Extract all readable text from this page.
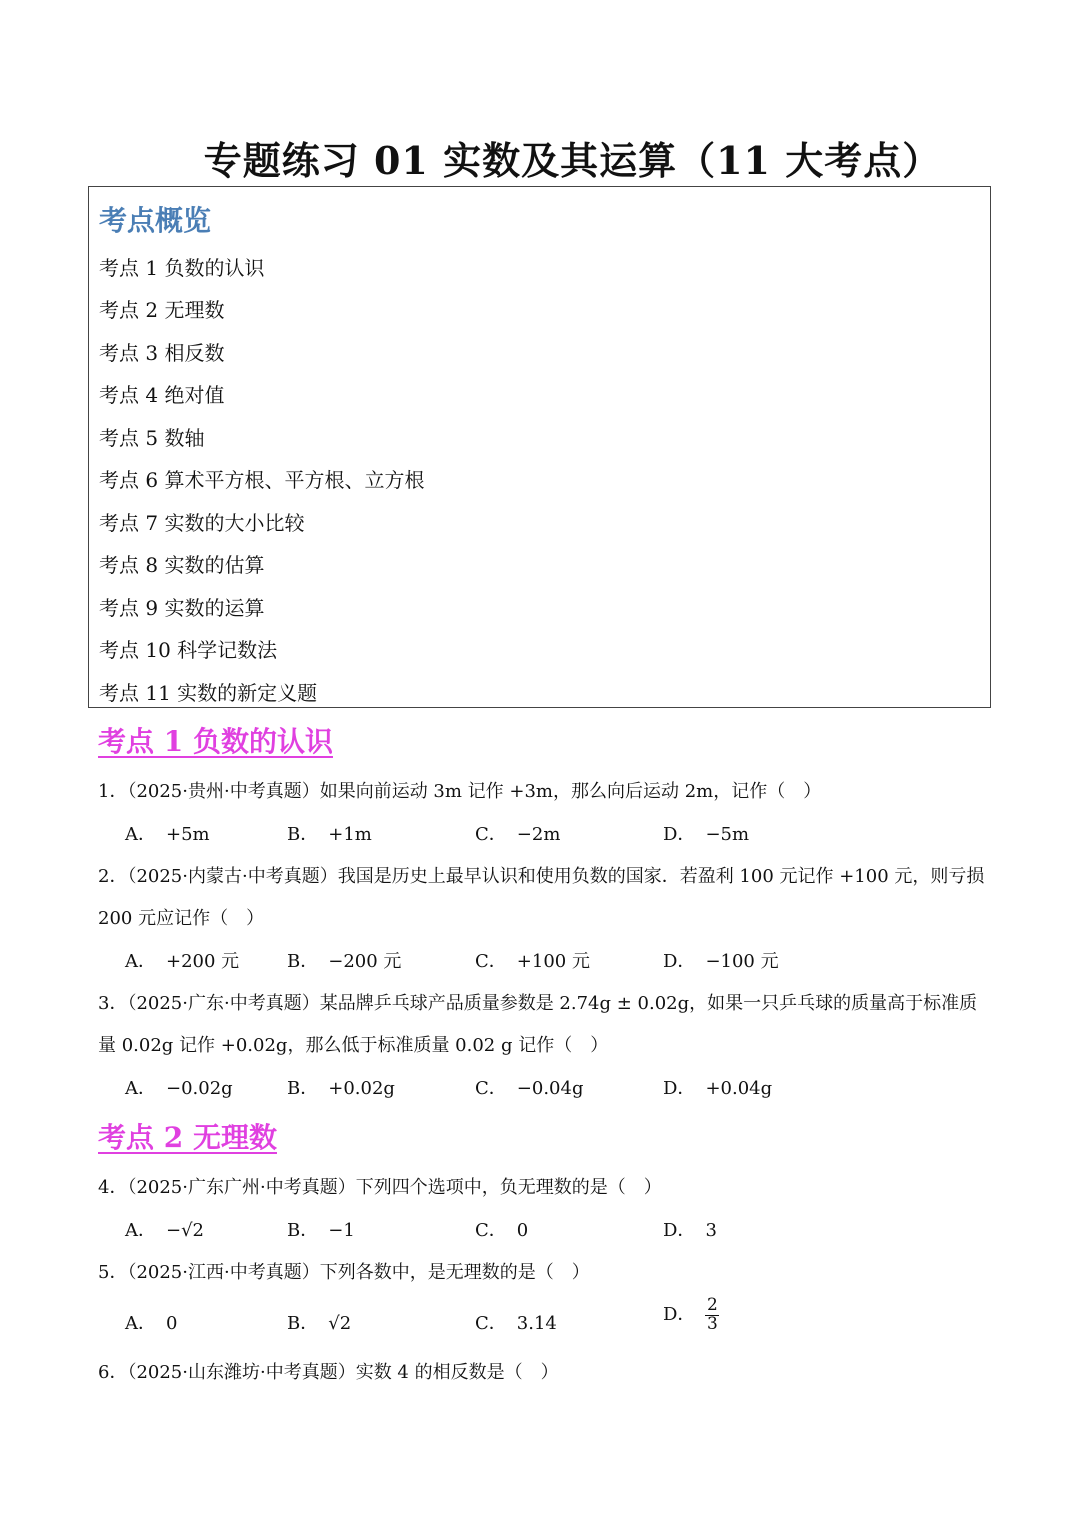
专题练习 01 实数及其运算（11 大考点）
考点概览
考点 1 负数的认识
考点 2 无理数
考点 3 相反数
考点 4 绝对值
考点 5 数轴
考点 6 算术平方根、平方根、立方根
考点 7 实数的大小比较
考点 8 实数的估算
考点 9 实数的运算
考点 10 科学记数法
考点 11 实数的新定义题
考点 1 负数的认识
1．（2025·贵州·中考真题）如果向前运动 3m 记作 +3m，那么向后运动 2m，记作（　）
A． +5m	B． +1m	C． −2m	D． −5m
2．（2025·内蒙古·中考真题）我国是历史上最早认识和使用负数的国家．若盈利 100 元记作 +100 元，则亏损
200 元应记作（　）
A． +200 元	B． −200 元	C． +100 元	D． −100 元
3．（2025·广东·中考真题）某品牌乒乓球产品质量参数是 2.74g ± 0.02g，如果一只乒乓球的质量高于标准质
量 0.02g 记作 +0.02g，那么低于标准质量 0.02 g 记作（　）
A． −0.02g	B． +0.02g	C． −0.04g	D． +0.04g
考点 2 无理数
4．（2025·广东广州·中考真题）下列四个选项中，负无理数的是（　）
A． −√2	B． −1	C． 0	D． 3
5．（2025·江西·中考真题）下列各数中，是无理数的是（　）
A． 0	B． √2	C． 3.14	D． $\frac{2}{3}$
6．（2025·山东潍坊·中考真题）实数 4 的相反数是（　）
